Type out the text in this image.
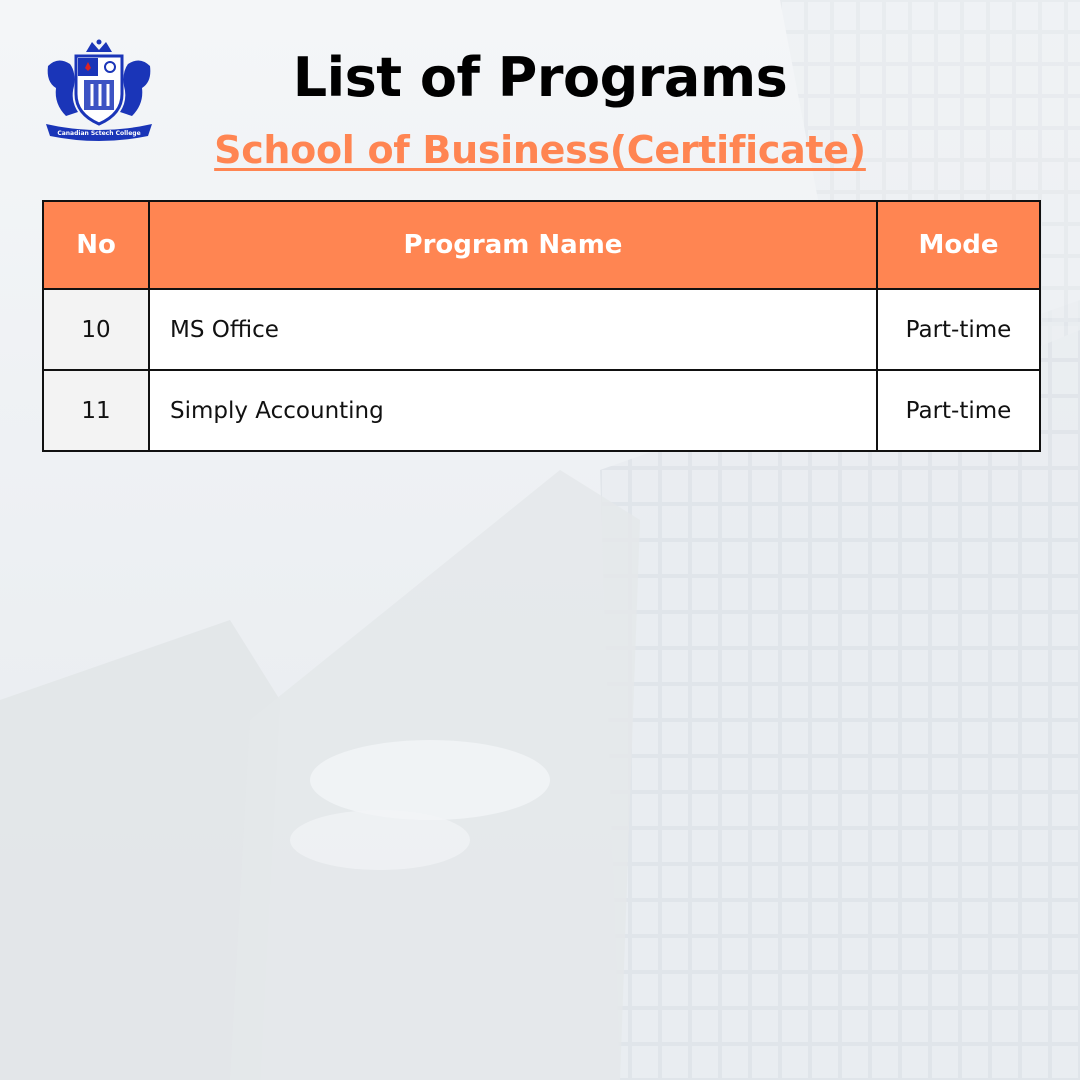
Canadian Sctech College
List of Programs
School of Business(Certificate)
No	Program Name	Mode
10	MS Office	Part-time
11	Simply Accounting	Part-time
